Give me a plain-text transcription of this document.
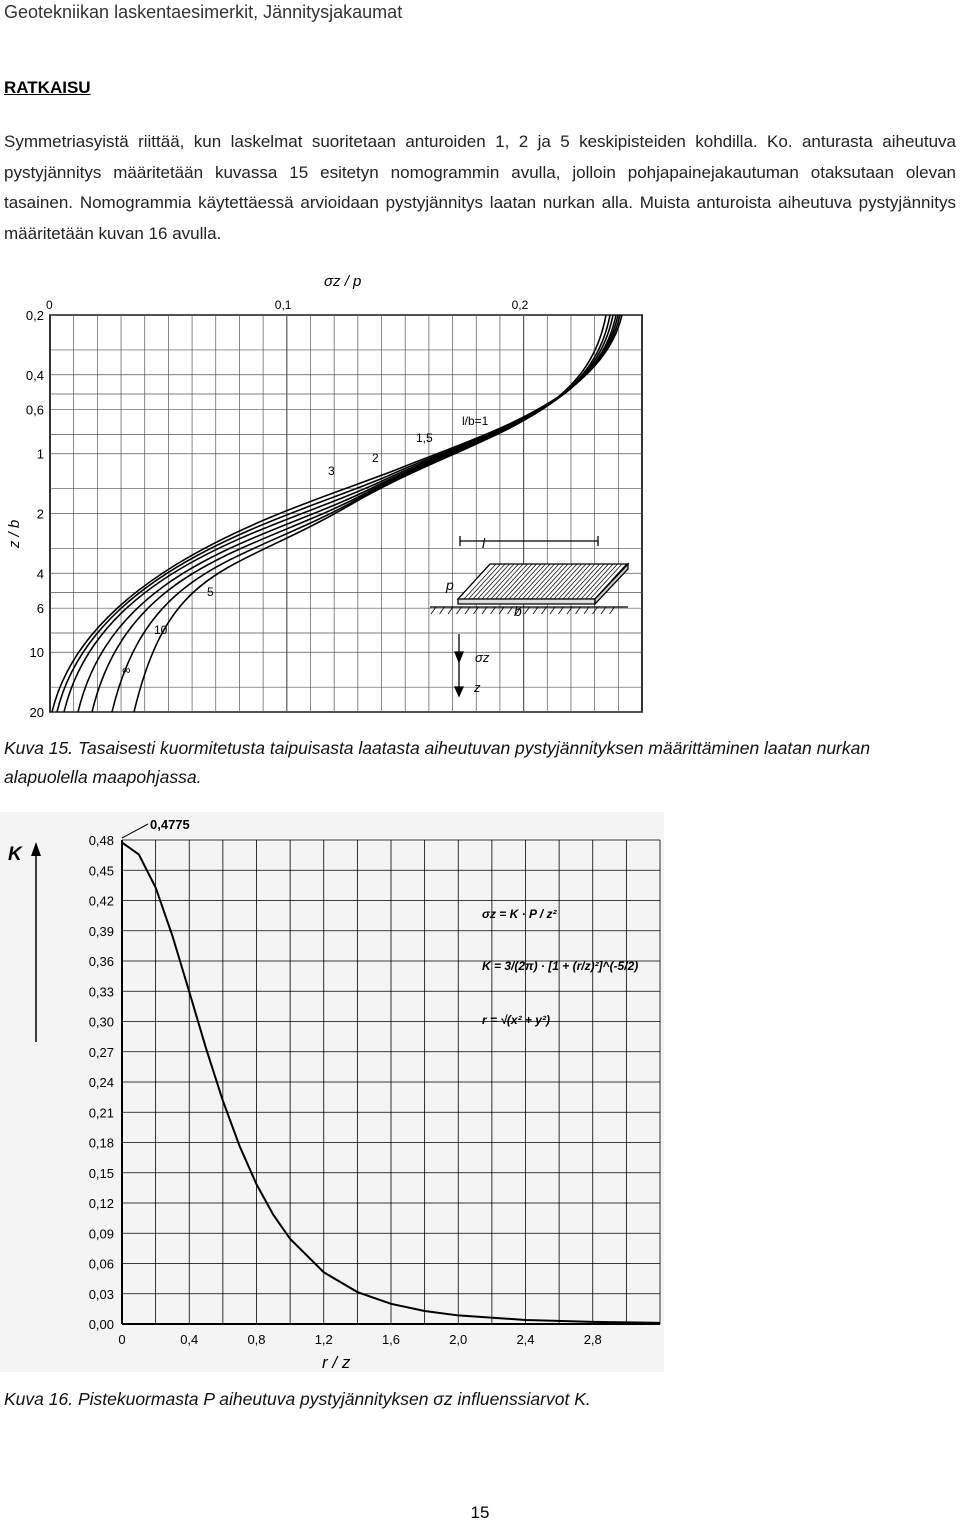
Geotekniikan laskentaesimerkit, Jännitysjakaumat
RATKAISU

Symmetriasyistä riittää, kun laskelmat suoritetaan anturoiden 1, 2 ja 5 keskipisteiden kohdilla. Ko. anturasta aiheutuva pystyjännitys määritetään kuvassa 15 esitetyn nomogrammin avulla, jolloin pohjapainejakautuman otaksutaan olevan tasainen. Nomogrammia käytettäessä arvioidaan pystyjännitys laatan nurkan alla. Muista anturoista aiheutuva pystyjännitys määritetään kuvan 16 avulla.

0	0,1	0,2
0,2
0,4
0,6
1
2
4
6
10
20
σz / p
z / b
l/b=1
1,5
2
3
5
10
∞
l
p
b
σz
z
Kuva 15. Tasaisesti kuormitetusta taipuisasta laatasta aiheutuvan pystyjännityksen määrittäminen laatan nurkan alapuolella maapohjassa.
0	0,4	0,8	1,2	1,6	2,0	2,4	2,8
0,00
0,03
0,06
0,09
0,12
0,15
0,18
0,21
0,24
0,27
0,30
0,33
0,36
0,39
0,42
0,45
0,48
K
0,4775
r / z
σz = K · P / z²
K = 3/(2π) · [1 + (r/z)²]^(-5/2)
r = √(x² + y²)
Kuva 16. Pistekuormasta P aiheutuva pystyjännityksen σz influenssiarvot K.
15
